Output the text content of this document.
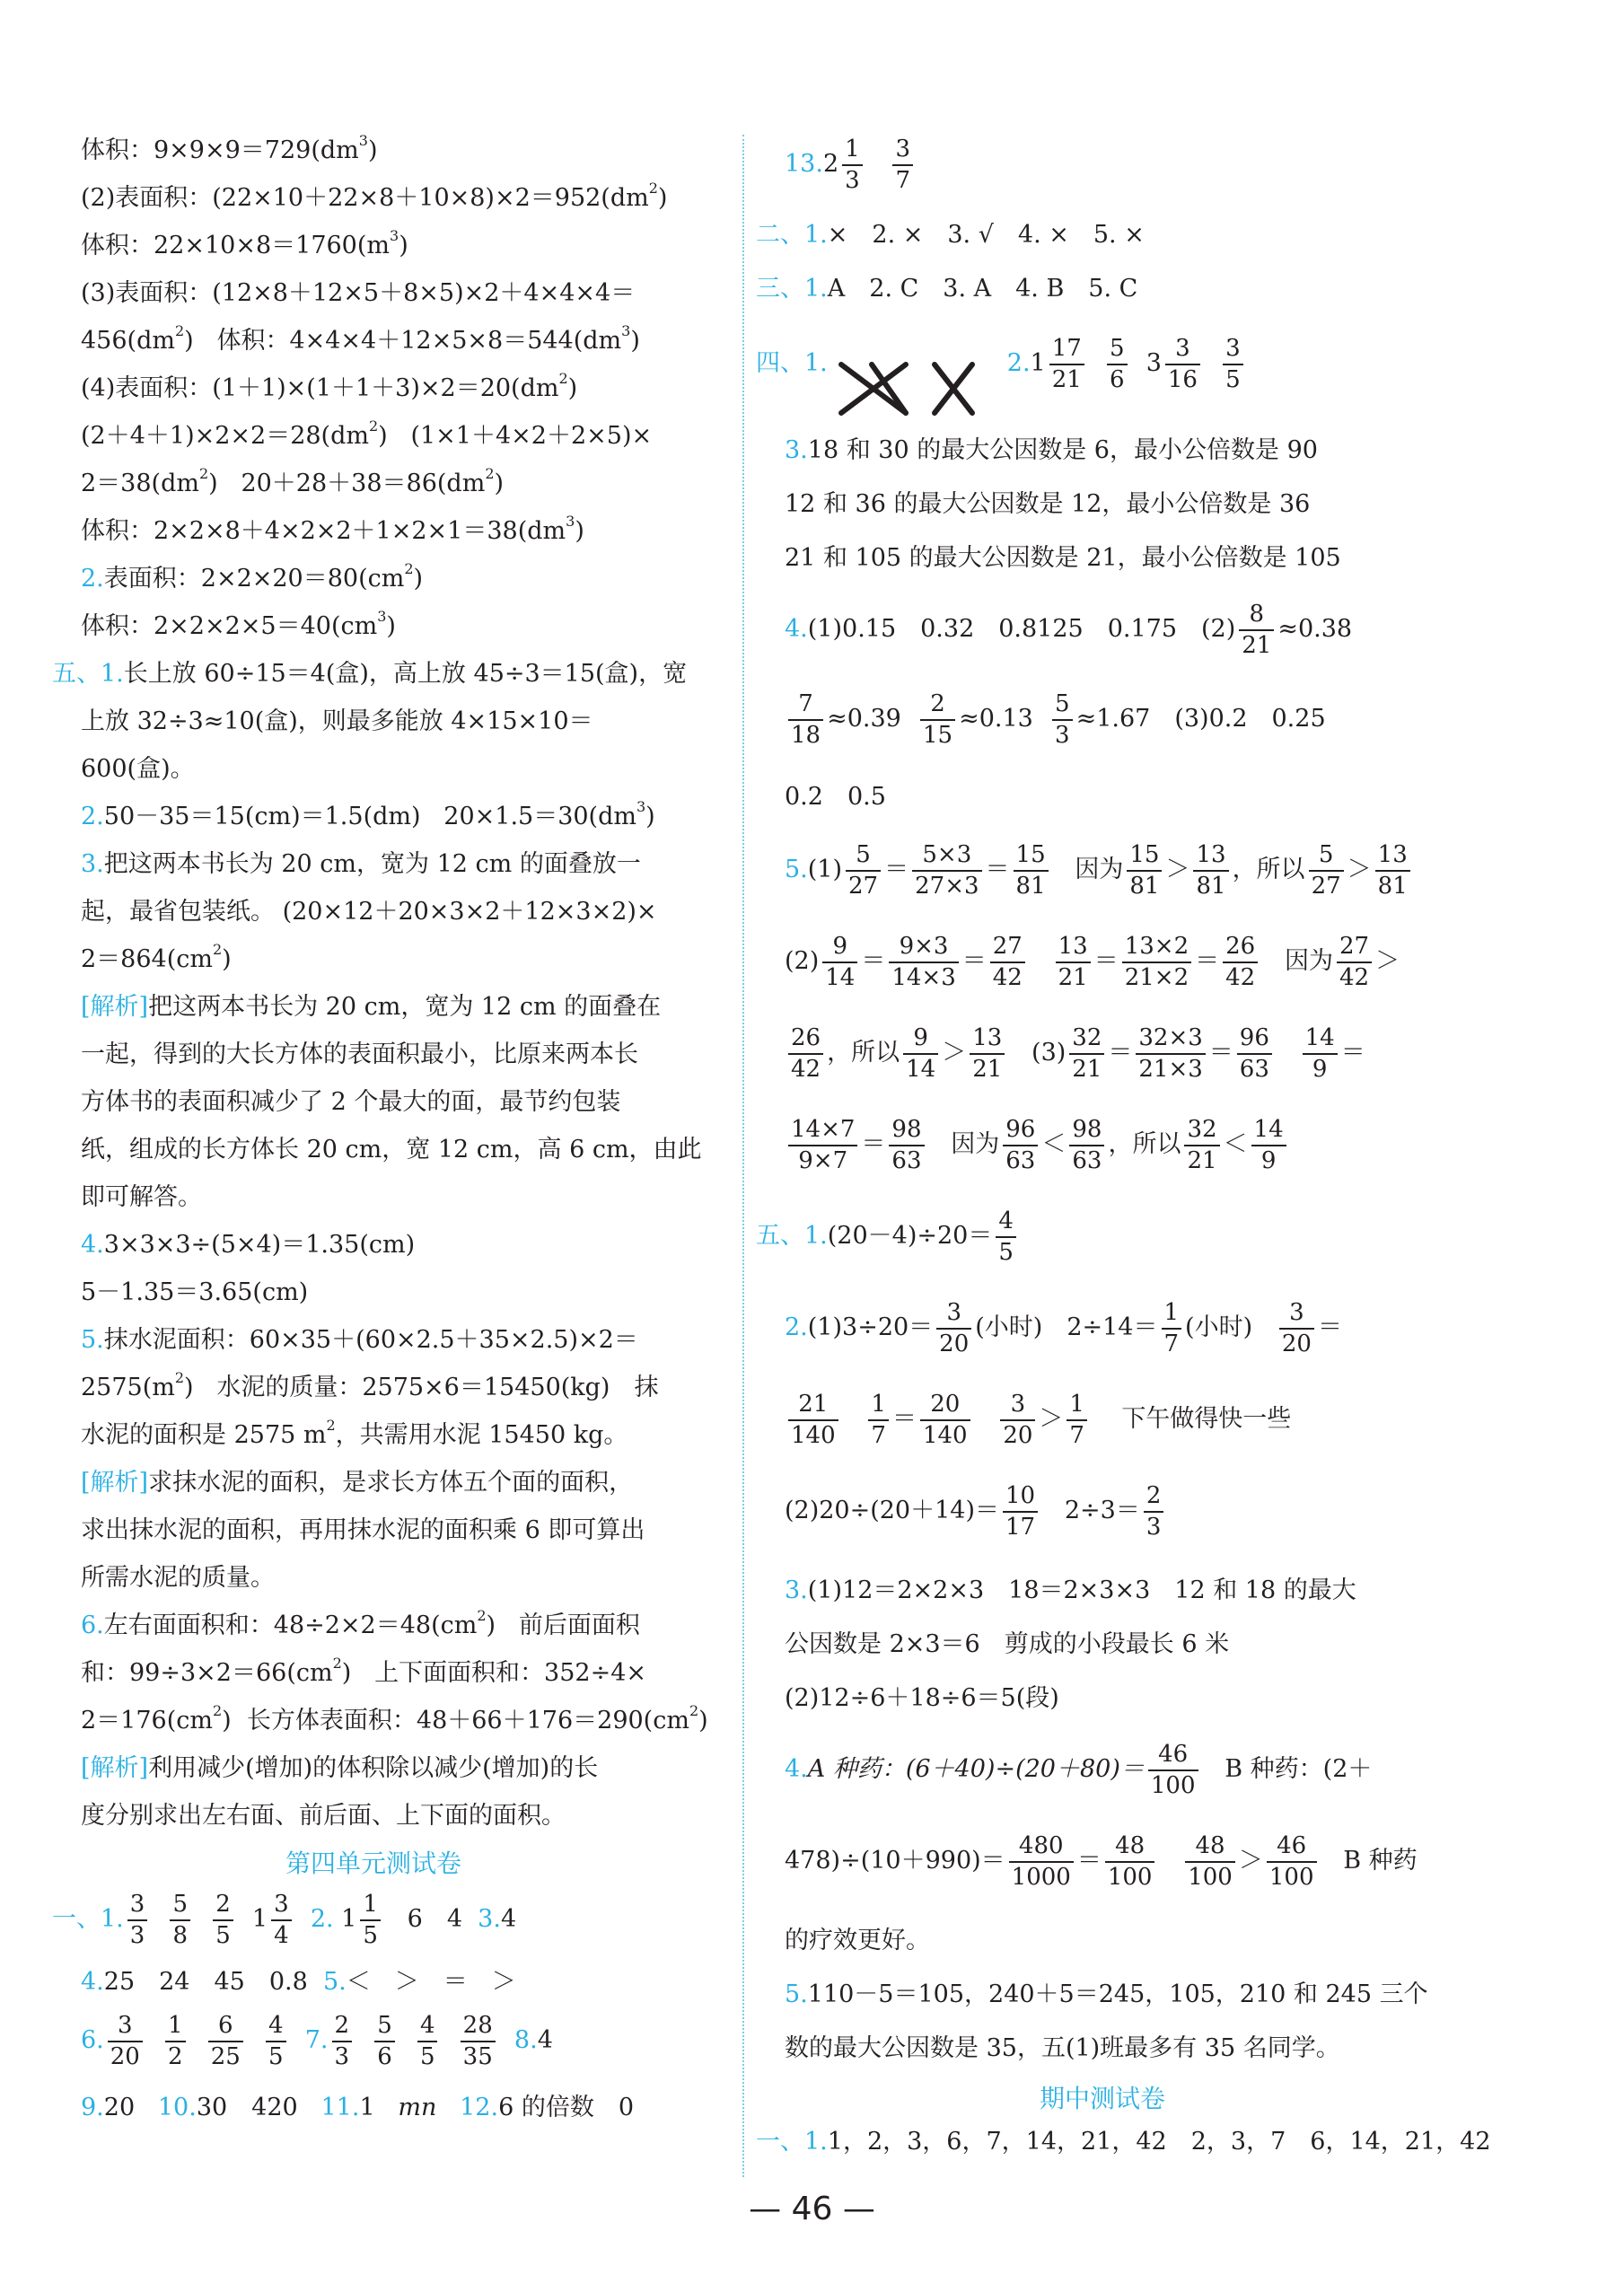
体积：9×9×9＝729(dm 3 )
(2)表面积：(22×10＋22×8＋10×8)×2＝952(dm 2 )
体积：22×10×8＝1760(m 3 )
(3)表面积：(12×8＋12×5＋8×5)×2＋4×4×4＝
456(dm 2 )
体积：4×4×4＋12×5×8＝544(dm 3 )
(4)表面积：(1＋1)×(1＋1＋3)×2＝20(dm 2 )
(2＋4＋1)×2×2＝28(dm 2 )
(1×1＋4×2＋2×5)×
2＝38(dm 2 )
20＋28＋38＝86(dm 2 )
体积：2×2×8＋4×2×2＋1×2×1＝38(dm 3 )
2. 表面积：2×2×20＝80(cm 2 )
体积：2×2×2×5＝40(cm 3 )
五、1. 长上放 60÷15＝4(盒)，高上放 45÷3＝15(盒)，宽
上放 32÷3≈10(盒)，则最多能放 4×15×10＝
600(盒)。
2. 50－35＝15(cm)＝1.5(dm)
20×1.5＝30(dm 3 )
3. 把这两本书长为 20 cm，宽为 12 cm 的面叠放一
起，最省包装纸。 (20×12＋20×3×2＋12×3×2)×
2＝864(cm 2 )
[解析] 把这两本书长为 20 cm，宽为 12 cm 的面叠在
一起，得到的大长方体的表面积最小，比原来两本长
方体书的表面积减少了 2 个最大的面，最节约包装
纸，组成的长方体长 20 cm，宽 12 cm，高 6 cm，由此
即可解答。
4. 3×3×3÷(5×4)＝1.35(cm)
5－1.35＝3.65(cm)
5. 抹水泥面积：60×35＋(60×2.5＋35×2.5)×2＝
2575(m 2 )
水泥的质量：2575×6＝15450(kg)　抹
水泥的面积是 2575 m 2 ，共需用水泥 15450 kg。
[解析] 求抹水泥的面积，是求长方体五个面的面积，
求出抹水泥的面积，再用抹水泥的面积乘 6 即可算出
所需水泥的质量。
6. 左右面面积和：48÷2×2＝48(cm 2 )
前后面面积
和：99÷3×2＝66(cm 2 )
上下面面积和：352÷4×
2＝176(cm 2 )
长方体表面积：48＋66＋176＝290(cm 2 )
[解析] 利用减少(增加)的体积除以减少(增加)的长
度分别求出左右面、前后面、上下面的面积。
第四单元测试卷
一、1.
3
3

5
8

2
5
1
3
4

2. 1
1
5

6　4
3. 4
4. 25　24　45　0.8
5. ＜　＞　＝　＞
6.
3
20

1
2

6
25

4
5

7.
2
3

5
6

4
5

28
35

8. 4
9. 20
10. 30　420
11. 1
mn
12. 6 的倍数　0
13. 2
1
3

3
7
二、1. ×　2. ×　3. √　4. ×　5. ×
三、1. A　2. C　3. A　4. B　5. C
四、1.	2. 1
17
21

5
6

3
3
16

3
5
3. 18 和 30 的最大公因数是 6，最小公倍数是 90
12 和 36 的最大公因数是 12，最小公倍数是 36
21 和 105 的最大公因数是 21，最小公倍数是 105
4. (1)0.15　0.32　0.8125　0.175　(2)
8
21
≈0.38
7
18
≈0.39

2
15
≈0.13

5
3
≈1.67　(3)0.2　0.25
0.2　0.5
5. (1)
5
27
＝
5×3
27×3
＝
15
81

因为
15
81
＞
13
81
，所以
5
27
＞
13
81
(2)
9
14
＝
9×3
14×3
＝
27
42

13
21
＝
13×2
21×2
＝
26
42

因为
27
42
＞
26
42
，所以
9
14
＞
13
21

(3)
32
21
＝
32×3
21×3
＝
96
63

14
9
＝
14×7
9×7
＝
98
63

因为
96
63
＜
98
63
，所以
32
21
＜
14
9
五、1. (20－4)÷20＝
4
5
2. (1)3÷20＝
3
20
(小时)　2÷14＝
1
7
(小时)

3
20
＝
21
140

1
7
＝
20
140

3
20
＞
1
7

下午做得快一些
(2)20÷(20＋14)＝
10
17

2÷3＝
2
3
3. (1)12＝2×2×3　18＝2×3×3　12 和 18 的最大
公因数是 2×3＝6　剪成的小段最长 6 米
(2)12÷6＋18÷6＝5(段)
4. A 种药：(6＋40)÷(20＋80)＝
46
100

B 种药：(2＋
478)÷(10＋990)＝
480
1000
＝
48
100

48
100
＞
46
100

B 种药
的疗效更好。
5. 110－5＝105，240＋5＝245，105，210 和 245 三个
数的最大公因数是 35，五(1)班最多有 35 名同学。
期中测试卷
一、1. 1，2，3，6，7，14，21，42　2，3，7　6，14，21，42
— 46 —
